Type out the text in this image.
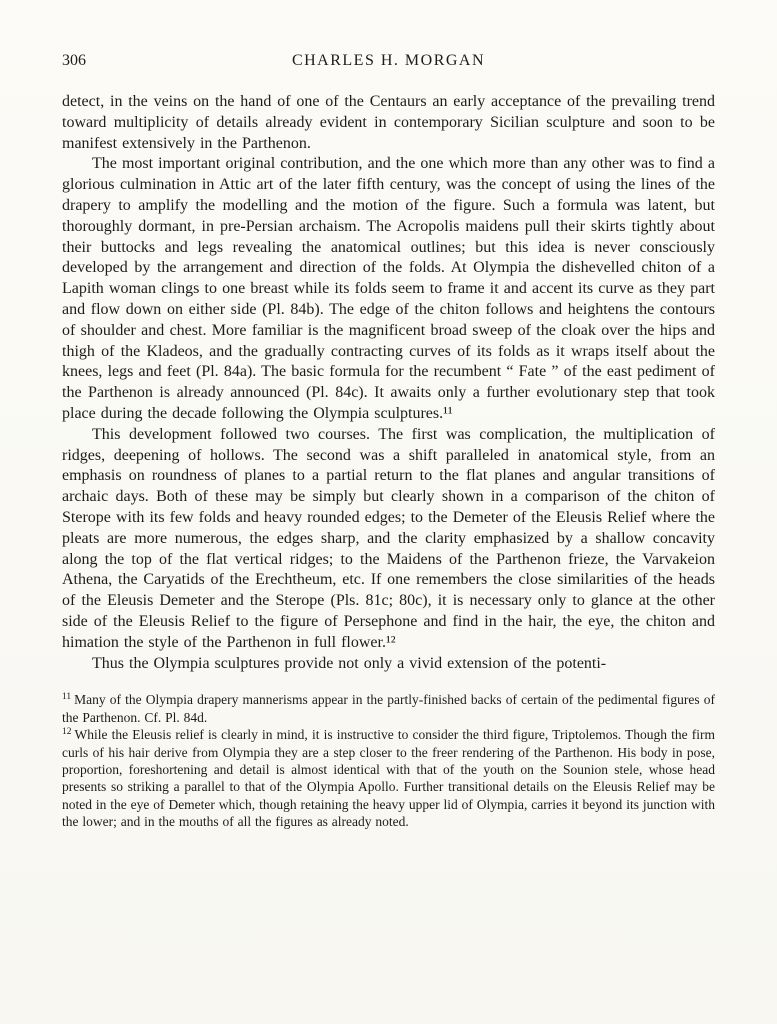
306	CHARLES H. MORGAN

detect, in the veins on the hand of one of the Centaurs an early acceptance of the prevailing trend toward multiplicity of details already evident in contemporary Sicilian sculpture and soon to be manifest extensively in the Parthenon.

The most important original contribution, and the one which more than any other was to find a glorious culmination in Attic art of the later fifth century, was the concept of using the lines of the drapery to amplify the modelling and the motion of the figure. Such a formula was latent, but thoroughly dormant, in pre-Persian archaism. The Acropolis maidens pull their skirts tightly about their buttocks and legs revealing the anatomical outlines; but this idea is never consciously developed by the arrangement and direction of the folds. At Olympia the dishevelled chiton of a Lapith woman clings to one breast while its folds seem to frame it and accent its curve as they part and flow down on either side (Pl. 84b). The edge of the chiton follows and heightens the contours of shoulder and chest. More familiar is the magnificent broad sweep of the cloak over the hips and thigh of the Kladeos, and the gradually contracting curves of its folds as it wraps itself about the knees, legs and feet (Pl. 84a). The basic formula for the recumbent “ Fate ” of the east pediment of the Parthenon is already announced (Pl. 84c). It awaits only a further evolutionary step that took place during the decade following the Olympia sculptures.¹¹

This development followed two courses. The first was complication, the multiplication of ridges, deepening of hollows. The second was a shift paralleled in anatomical style, from an emphasis on roundness of planes to a partial return to the flat planes and angular transitions of archaic days. Both of these may be simply but clearly shown in a comparison of the chiton of Sterope with its few folds and heavy rounded edges; to the Demeter of the Eleusis Relief where the pleats are more numerous, the edges sharp, and the clarity emphasized by a shallow concavity along the top of the flat vertical ridges; to the Maidens of the Parthenon frieze, the Varvakeion Athena, the Caryatids of the Erechtheum, etc. If one remembers the close similarities of the heads of the Eleusis Demeter and the Sterope (Pls. 81c; 80c), it is necessary only to glance at the other side of the Eleusis Relief to the figure of Persephone and find in the hair, the eye, the chiton and himation the style of the Parthenon in full flower.¹²

Thus the Olympia sculptures provide not only a vivid extension of the potenti-

$^{11}$ Many of the Olympia drapery mannerisms appear in the partly-finished backs of certain of the pedimental figures of the Parthenon. Cf. Pl. 84d.

$^{12}$ While the Eleusis relief is clearly in mind, it is instructive to consider the third figure, Triptolemos. Though the firm curls of his hair derive from Olympia they are a step closer to the freer rendering of the Parthenon. His body in pose, proportion, foreshortening and detail is almost identical with that of the youth on the Sounion stele, whose head presents so striking a parallel to that of the Olympia Apollo. Further transitional details on the Eleusis Relief may be noted in the eye of Demeter which, though retaining the heavy upper lid of Olympia, carries it beyond its junction with the lower; and in the mouths of all the figures as already noted.
